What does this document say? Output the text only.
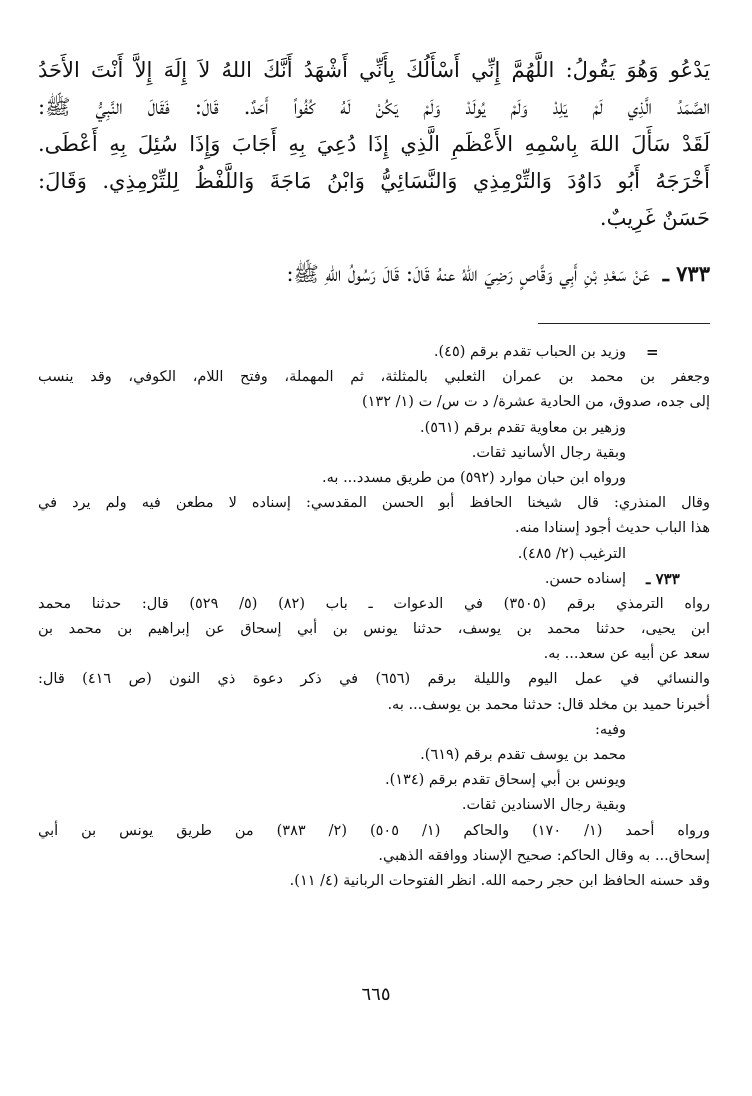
يَدْعُو وَهُوَ يَقُولُ: اللَّهُمَّ إِنِّي أَسْأَلُكَ بِأَنِّي أَشْهَدُ أَنَّكَ اللهُ لاَ إِلَهَ إِلاَّ أَنْتَ الأَحَدُ
الصَّمَدُ الَّذِي لَمْ يَلِدْ وَلَمْ يُولَدْ وَلَمْ يَكُنْ لَهُ كُفُواً أَحَدٌ. قَالَ: فَقَالَ النَّبِيُّ ﷺ:
لَقَدْ سَأَلَ اللهَ بِاسْمِهِ الأَعْظَمِ الَّذِي إِذَا دُعِيَ بِهِ أَجَابَ وَإِذَا سُئِلَ بِهِ أَعْطَى.
أَخْرَجَهُ أَبُو دَاوُدَ وَالتِّرْمِذِي وَالنَّسَائِيُّ وَابْنُ مَاجَةَ وَاللَّفْظُ لِلتِّرْمِذِي. وَقَالَ:
حَسَنٌ غَرِيبٌ.
٧٣٣ ـ عَنْ سَعْدِ بْنِ أَبِي وَقَّاصٍ رَضِيَ اللهُ عنهُ قَالَ: قَالَ رَسُولُ اللهِ ﷺ:
وزيد بن الحباب تقدم برقم (٤٥). =
وجعفر بن محمد بن عمران الثعلبي بالمثلثة، ثم المهملة، وفتح اللام، الكوفي، وقد ينسب
إلى جده، صدوق، من الحادية عشرة/ د ت س/ ت (١/ ١٣٢)
وزهير بن معاوية تقدم برقم (٥٦١).
وبقية رجال الأسانيد ثقات.
ورواه ابن حبان موارد (٥٩٢) من طريق مسدد... به.
وقال المنذري: قال شيخنا الحافظ أبو الحسن المقدسي: إسناده لا مطعن فيه ولم يرد في
هذا الباب حديث أجود إسنادا منه.
الترغيب (٢/ ٤٨٥).
إسناده حسن. ٧٣٣ ـ
رواه الترمذي برقم (٣٥٠٥) في الدعوات ـ باب (٨٢) (٥/ ٥٢٩) قال: حدثنا محمد
ابن يحيى، حدثنا محمد بن يوسف، حدثنا يونس بن أبي إسحاق عن إبراهيم بن محمد بن
سعد عن أبيه عن سعد... به.
والنسائي في عمل اليوم والليلة برقم (٦٥٦) في ذكر دعوة ذي النون (ص ٤١٦) قال:
أخبرنا حميد بن مخلد قال: حدثنا محمد بن يوسف... به.
وفيه:
محمد بن يوسف تقدم برقم (٦١٩).
ويونس بن أبي إسحاق تقدم برقم (١٣٤).
وبقية رجال الاسنادين ثقات.
ورواه أحمد (١/ ١٧٠) والحاكم (١/ ٥٠٥) (٢/ ٣٨٣) من طريق يونس بن أبي
إسحاق... به وقال الحاكم: صحيح الإسناد ووافقه الذهبي.
وقد حسنه الحافظ ابن حجر رحمه الله. انظر الفتوحات الربانية (٤/ ١١).
٦٦٥
